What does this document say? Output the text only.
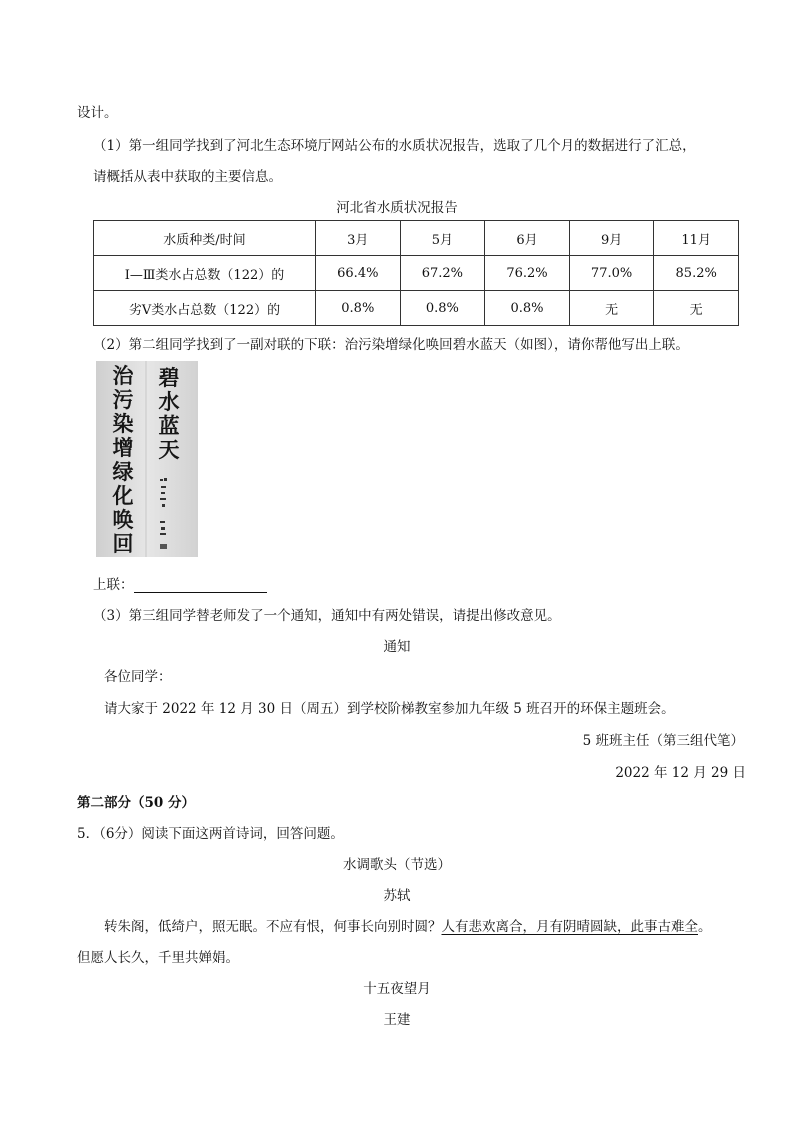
设计。
（1）第一组同学找到了河北生态环境厅网站公布的水质状况报告，选取了几个月的数据进行了汇总，
请概括从表中获取的主要信息。
河北省水质状况报告
水质种类/时间	3月	5月	6月	9月	11月
Ⅰ—Ⅲ类水占总数（122）的	66.4%	67.2%	76.2%	77.0%	85.2%
劣Ⅴ类水占总数（122）的	0.8%	0.8%	0.8%	无	无
（2）第二组同学找到了一副对联的下联：治污染增绿化唤回碧水蓝天（如图），请你帮他写出上联。
治
污
染
增
绿
化
唤
回
碧
水
蓝
天
上联：
（3）第三组同学替老师发了一个通知，通知中有两处错误，请提出修改意见。
通知
各位同学：
请大家于 2022 年 12 月 30 日（周五）到学校阶梯教室参加九年级 5 班召开的环保主题班会。
5 班班主任（第三组代笔）
2022 年 12 月 29 日
第二部分（50 分）
5．（6分）阅读下面这两首诗词，回答问题。
水调歌头（节选）
苏轼
转朱阁，低绮户，照无眠。不应有恨，何事长向别时圆？人有悲欢离合，月有阴晴圆缺，此事古难全。
但愿人长久，千里共婵娟。
十五夜望月
王建
